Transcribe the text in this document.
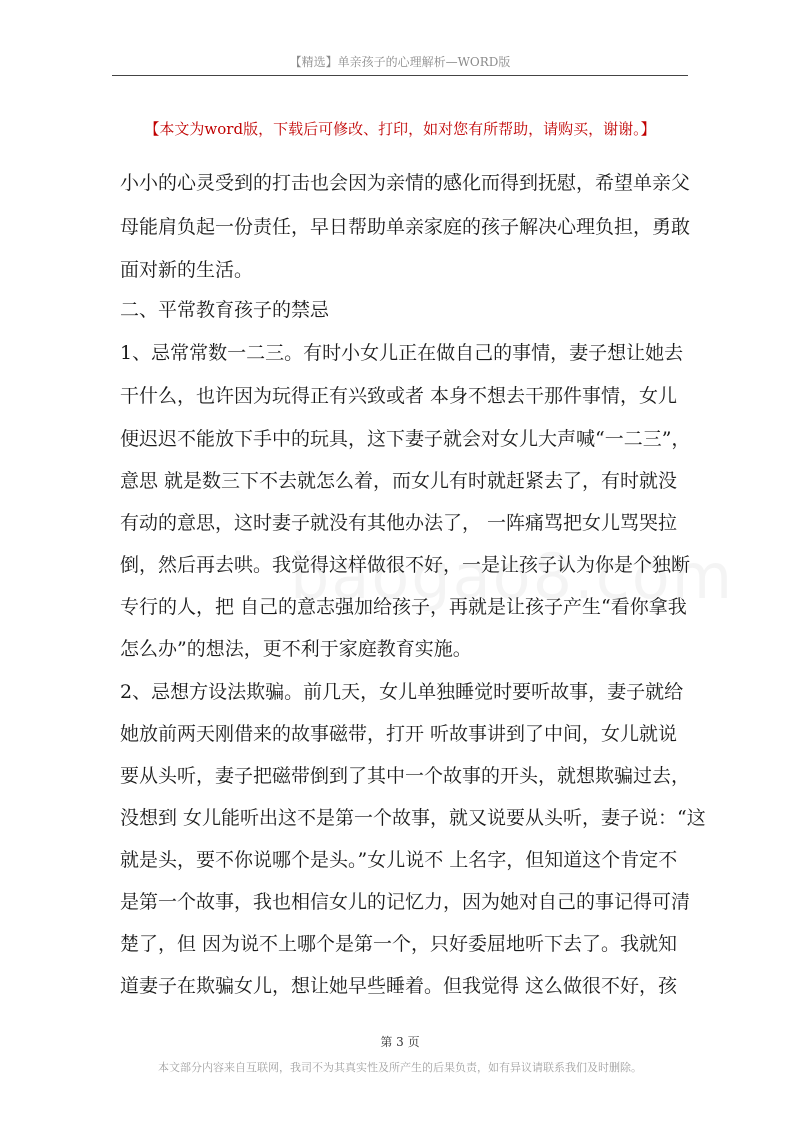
【精选】单亲孩子的心理解析—WORD版
【本文为word版，下载后可修改、打印，如对您有所帮助，请购买，谢谢。】
小小的心灵受到的打击也会因为亲情的感化而得到抚慰，希望单亲父
母能肩负起一份责任，早日帮助单亲家庭的孩子解决心理负担，勇敢
面对新的生活。
二、平常教育孩子的禁忌
1、忌常常数一二三。有时小女儿正在做自己的事情，妻子想让她去
干什么，也许因为玩得正有兴致或者 本身不想去干那件事情，女儿
便迟迟不能放下手中的玩具，这下妻子就会对女儿大声喊“一二三”，
意思 就是数三下不去就怎么着，而女儿有时就赶紧去了，有时就没
有动的意思，这时妻子就没有其他办法了， 一阵痛骂把女儿骂哭拉
倒，然后再去哄。我觉得这样做很不好，一是让孩子认为你是个独断
专行的人，把 自己的意志强加给孩子，再就是让孩子产生“看你拿我
怎么办”的想法，更不利于家庭教育实施。
2、忌想方设法欺骗。前几天，女儿单独睡觉时要听故事，妻子就给
她放前两天刚借来的故事磁带，打开 听故事讲到了中间，女儿就说
要从头听，妻子把磁带倒到了其中一个故事的开头，就想欺骗过去，
没想到 女儿能听出这不是第一个故事，就又说要从头听，妻子说：“这
就是头，要不你说哪个是头。”女儿说不 上名字，但知道这个肯定不
是第一个故事，我也相信女儿的记忆力，因为她对自己的事记得可清
楚了，但 因为说不上哪个是第一个，只好委屈地听下去了。我就知
道妻子在欺骗女儿，想让她早些睡着。但我觉得 这么做很不好，孩
第 3 页
本文部分内容来自互联网，我司不为其真实性及所产生的后果负责，如有异议请联系我们及时删除。
